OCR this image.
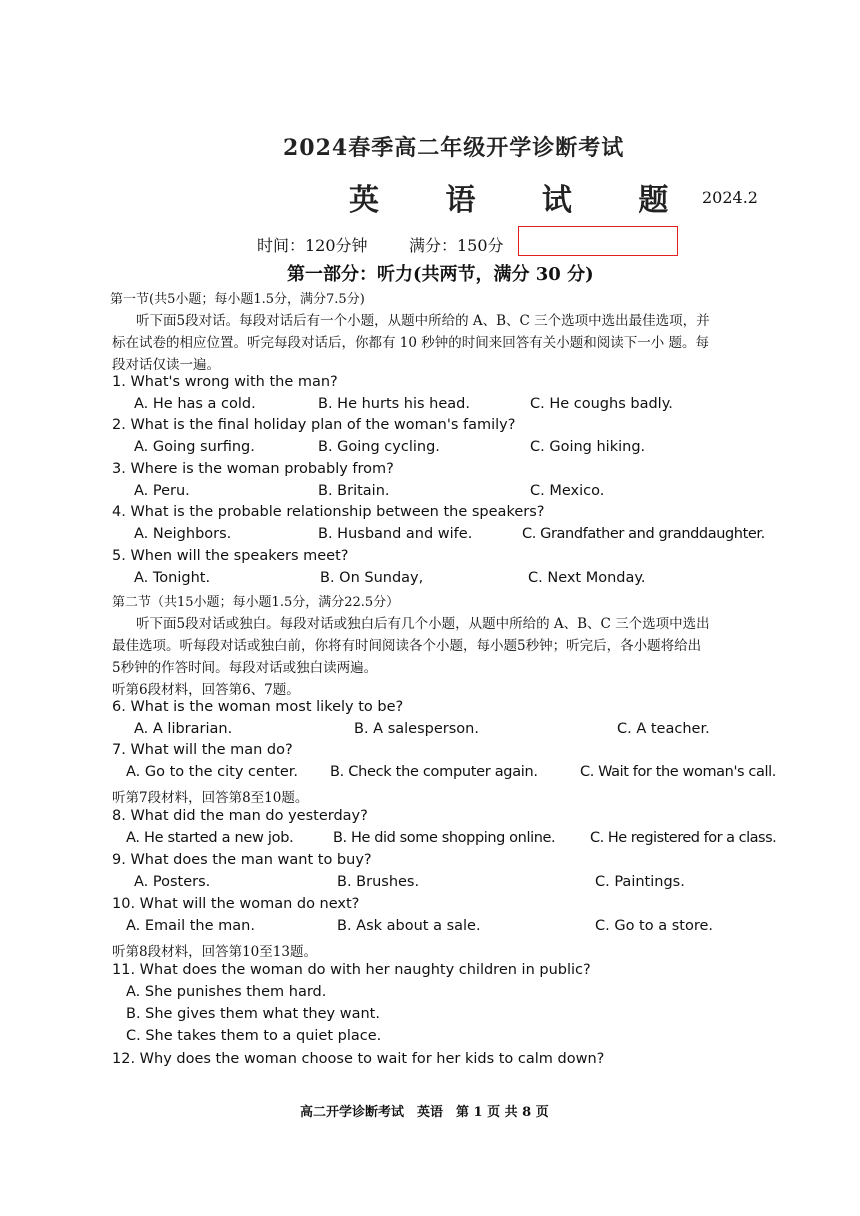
2024春季高二年级开学诊断考试
英 语 试 题 2024.2
时间：120分钟	满分：150分
第一部分：听力(共两节，满分 30 分)
第一节(共5小题；每小题1.5分，满分7.5分)
听下面5段对话。每段对话后有一个小题，从题中所给的 A、B、C 三个选项中选出最佳选项，并
标在试卷的相应位置。听完每段对话后，你都有 10 秒钟的时间来回答有关小题和阅读下一小 题。每
段对话仅读一遍。
1. What's wrong with the man?
A. He has a cold.	B. He hurts his head.	C. He coughs badly.
2. What is the final holiday plan of the woman's family?
A. Going surfing.	B. Going cycling.	C. Going hiking.
3. Where is the woman probably from?
A. Peru.	B. Britain.	C. Mexico.
4. What is the probable relationship between the speakers?
A. Neighbors.	B. Husband and wife.	C. Grandfather and granddaughter.
5. When will the speakers meet?
A. Tonight.	B. On Sunday,	C. Next Monday.
第二节（共15小题；每小题1.5分，满分22.5分）
听下面5段对话或独白。每段对话或独白后有几个小题，从题中所给的 A、B、C 三个选项中选出
最佳选项。听每段对话或独白前，你将有时间阅读各个小题，每小题5秒钟；听完后，各小题将给出
5秒钟的作答时间。每段对话或独白读两遍。
听第6段材料，回答第6、7题。
6. What is the woman most likely to be?
A. A librarian.	B. A salesperson.	C. A teacher.
7. What will the man do?
A. Go to the city center. B. Check the computer again.	C. Wait for the woman's call.
听第7段材料，回答第8至10题。
8. What did the man do yesterday?
A. He started a new job.	B. He did some shopping online. C. He registered for a class.
9. What does the man want to buy?
A. Posters.	B. Brushes.	C. Paintings.
10. What will the woman do next?
A. Email the man.	B. Ask about a sale.	C. Go to a store.
听第8段材料，回答第10至13题。
11. What does the woman do with her naughty children in public?
A. She punishes them hard.
B. She gives them what they want.
C. She takes them to a quiet place.
12. Why does the woman choose to wait for her kids to calm down?
高二开学诊断考试　英语　第 1 页 共 8 页
